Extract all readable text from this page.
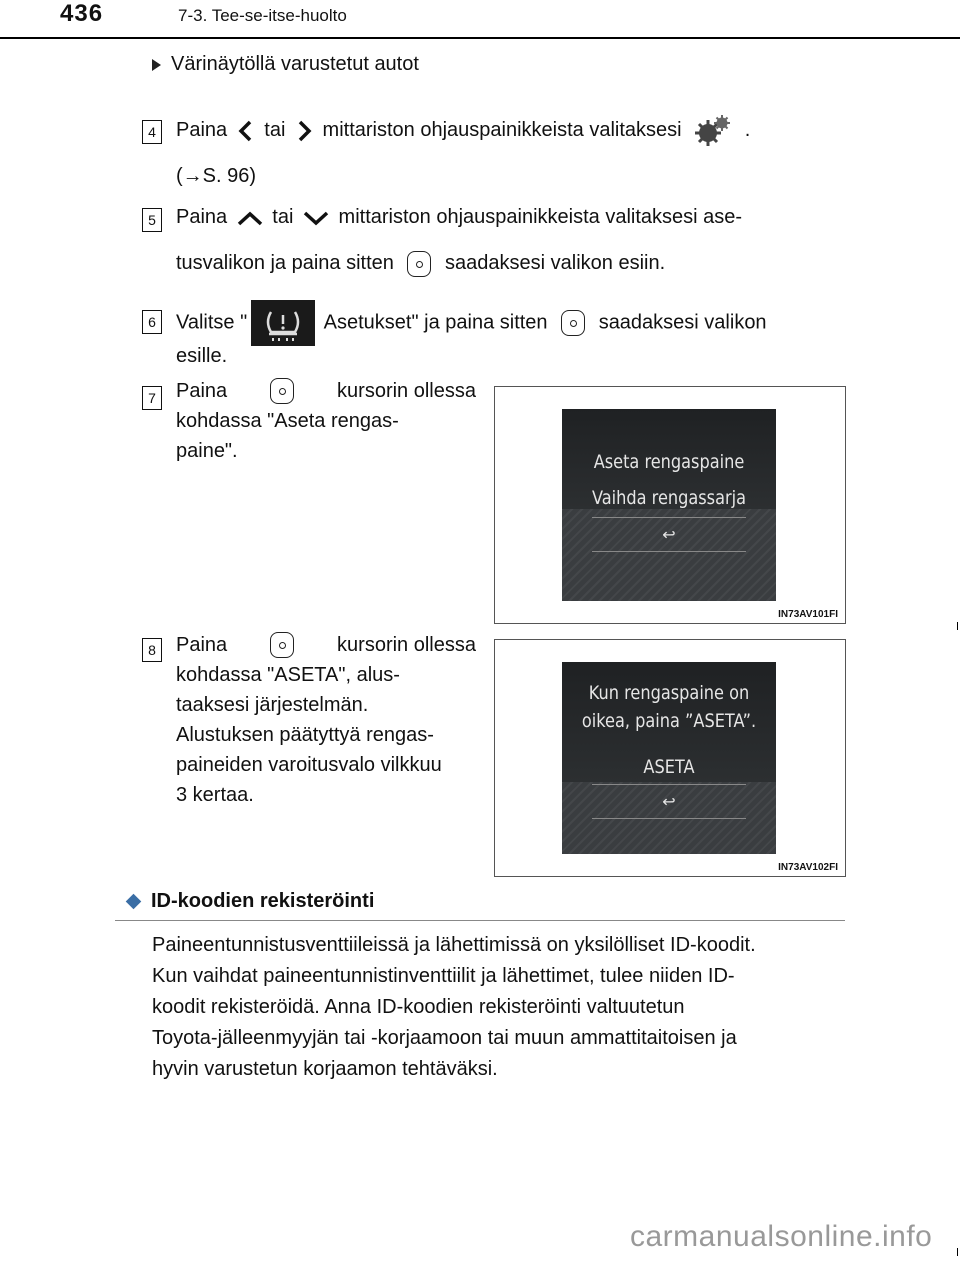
436	7-3. Tee-se-itse-huolto
Värinäytöllä varustetut autot
4	Paina tai mittariston ohjauspainikkeista valitaksesi	.
(→S. 96)
5	Paina tai mittariston ohjauspainikkeista valitaksesi ase-
tusvalikon ja paina sitten	saadaksesi valikon esiin.
6	Valitse "	Asetukset" ja paina sitten	saadaksesi valikon
esille.
7	Paina	kursorin ollessa
kohdassa "Aseta rengas-
paine".	Aseta rengaspaine
Vaihda rengassarja
↩
IN73AV101FI
8	Paina	kursorin ollessa
kohdassa "ASETA", alus-
taaksesi järjestelmän.
Alustuksen päätyttyä rengas-
paineiden varoitusvalo vilkkuu
3 kertaa.
Kun rengaspaine on
oikea, paina ”ASETA”.
ASETA
↩
IN73AV102FI
ID-koodien rekisteröinti
Paineentunnistusventtiileissä ja lähettimissä on yksilölliset ID-koodit.
Kun vaihdat paineentunnistinventtiilit ja lähettimet, tulee niiden ID-
koodit rekisteröidä. Anna ID-koodien rekisteröinti valtuutetun
Toyota-jälleenmyyjän tai -korjaamoon tai muun ammattitaitoisen ja
hyvin varustetun korjaamon tehtäväksi.
carmanualsonline.info
